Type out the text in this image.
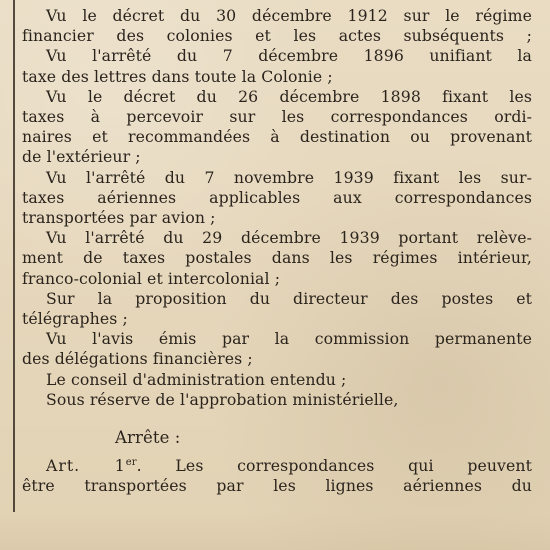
Vu le décret du 30 décembre 1912 sur le régime
financier des colonies et les actes subséquents ;
Vu l'arrêté du 7 décembre 1896 unifiant la
taxe des lettres dans toute la Colonie ;
Vu le décret du 26 décembre 1898 fixant les
taxes à percevoir sur les correspondances ordi-
naires et recommandées à destination ou provenant
de l'extérieur ;
Vu l'arrêté du 7 novembre 1939 fixant les sur-
taxes aériennes applicables aux correspondances
transportées par avion ;
Vu l'arrêté du 29 décembre 1939 portant relève-
ment de taxes postales dans les régimes intérieur,
franco-colonial et intercolonial ;
Sur la proposition du directeur des postes et
télégraphes ;
Vu l'avis émis par la commission permanente
des délégations financières ;
Le conseil d'administration entendu ;
Sous réserve de l'approbation ministérielle,
Arrête :
Art. 1er. Les correspondances qui peuvent
être transportées par les lignes aériennes du
